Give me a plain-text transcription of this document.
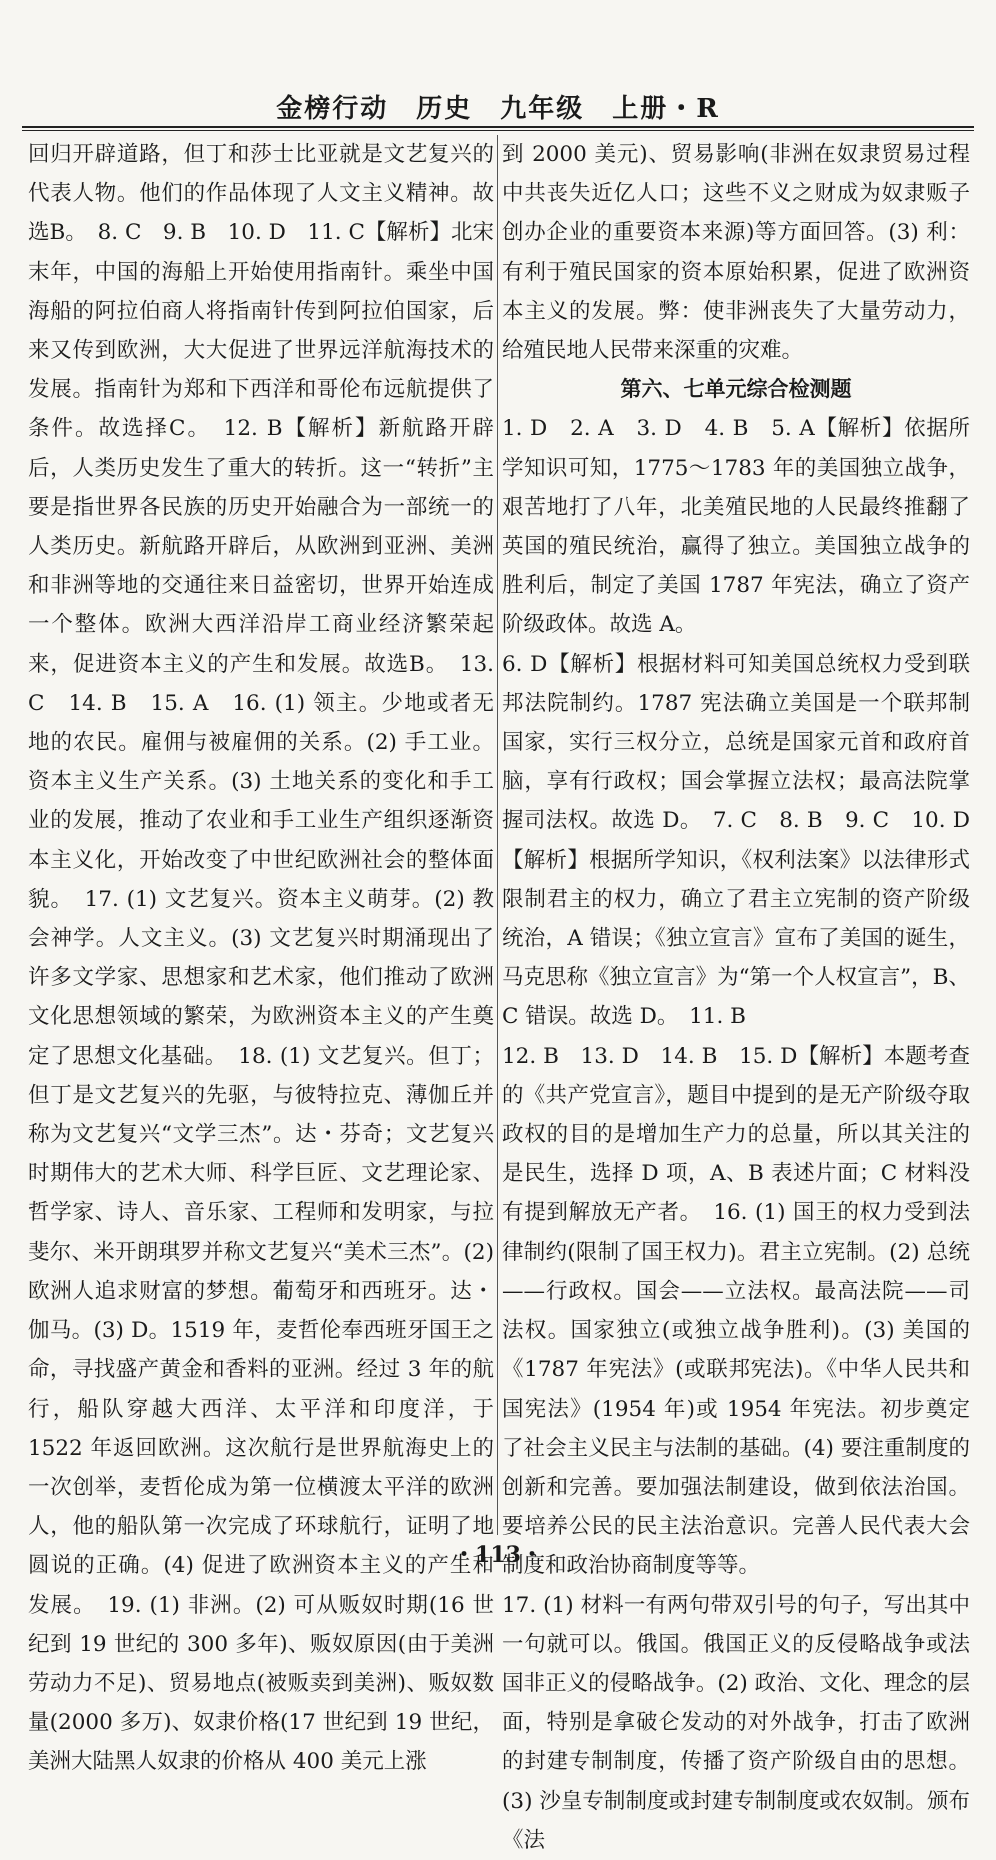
金榜行动　历史　九年级　上册・R

回归开辟道路，但丁和莎士比亚就是文艺复兴的代表人物。他们的作品体现了人文主义精神。故选B。　8. C　9. B　10. D　11. C【解析】北宋末年，中国的海船上开始使用指南针。乘坐中国海船的阿拉伯商人将指南针传到阿拉伯国家，后来又传到欧洲，大大促进了世界远洋航海技术的发展。指南针为郑和下西洋和哥伦布远航提供了条件。故选择C。　12. B【解析】新航路开辟后，人类历史发生了重大的转折。这一“转折”主要是指世界各民族的历史开始融合为一部统一的人类历史。新航路开辟后，从欧洲到亚洲、美洲和非洲等地的交通往来日益密切，世界开始连成一个整体。欧洲大西洋沿岸工商业经济繁荣起来，促进资本主义的产生和发展。故选B。　13. C　14. B　15. A　16. (1) 领主。少地或者无地的农民。雇佣与被雇佣的关系。(2) 手工业。资本主义生产关系。(3) 土地关系的变化和手工业的发展，推动了农业和手工业生产组织逐渐资本主义化，开始改变了中世纪欧洲社会的整体面貌。　17. (1) 文艺复兴。资本主义萌芽。(2) 教会神学。人文主义。(3) 文艺复兴时期涌现出了许多文学家、思想家和艺术家，他们推动了欧洲文化思想领域的繁荣，为欧洲资本主义的产生奠定了思想文化基础。　18. (1) 文艺复兴。但丁；但丁是文艺复兴的先驱，与彼特拉克、薄伽丘并称为文艺复兴“文学三杰”。达・芬奇；文艺复兴时期伟大的艺术大师、科学巨匠、文艺理论家、哲学家、诗人、音乐家、工程师和发明家，与拉斐尔、米开朗琪罗并称文艺复兴“美术三杰”。(2) 欧洲人追求财富的梦想。葡萄牙和西班牙。达・伽马。(3) D。1519 年，麦哲伦奉西班牙国王之命，寻找盛产黄金和香料的亚洲。经过 3 年的航行，船队穿越大西洋、太平洋和印度洋，于 1522 年返回欧洲。这次航行是世界航海史上的一次创举，麦哲伦成为第一位横渡太平洋的欧洲人，他的船队第一次完成了环球航行，证明了地圆说的正确。(4) 促进了欧洲资本主义的产生和发展。　19. (1) 非洲。(2) 可从贩奴时期(16 世纪到 19 世纪的 300 多年)、贩奴原因(由于美洲劳动力不足)、贸易地点(被贩卖到美洲)、贩奴数量(2000 多万)、奴隶价格(17 世纪到 19 世纪，美洲大陆黑人奴隶的价格从 400 美元上涨

到 2000 美元)、贸易影响(非洲在奴隶贸易过程中共丧失近亿人口；这些不义之财成为奴隶贩子创办企业的重要资本来源)等方面回答。(3) 利：有利于殖民国家的资本原始积累，促进了欧洲资本主义的发展。弊：使非洲丧失了大量劳动力，给殖民地人民带来深重的灾难。

第六、七单元综合检测题

1. D　2. A　3. D　4. B　5. A【解析】依据所学知识可知，1775～1783 年的美国独立战争，艰苦地打了八年，北美殖民地的人民最终推翻了英国的殖民统治，赢得了独立。美国独立战争的胜利后，制定了美国 1787 年宪法，确立了资产阶级政体。故选 A。

6. D【解析】根据材料可知美国总统权力受到联邦法院制约。1787 宪法确立美国是一个联邦制国家，实行三权分立，总统是国家元首和政府首脑，享有行政权；国会掌握立法权；最高法院掌握司法权。故选 D。　7. C　8. B　9. C　10. D【解析】根据所学知识，《权利法案》以法律形式限制君主的权力，确立了君主立宪制的资产阶级统治，A 错误；《独立宣言》宣布了美国的诞生，马克思称《独立宣言》为“第一个人权宣言”，B、C 错误。故选 D。　11. B

12. B　13. D　14. B　15. D【解析】本题考查的《共产党宣言》，题目中提到的是无产阶级夺取政权的目的是增加生产力的总量，所以其关注的是民生，选择 D 项，A、B 表述片面；C 材料没有提到解放无产者。　16. (1) 国王的权力受到法律制约(限制了国王权力)。君主立宪制。(2) 总统——行政权。国会——立法权。最高法院——司法权。国家独立(或独立战争胜利)。(3) 美国的《1787 年宪法》(或联邦宪法)。《中华人民共和国宪法》(1954 年)或 1954 年宪法。初步奠定了社会主义民主与法制的基础。(4) 要注重制度的创新和完善。要加强法制建设，做到依法治国。要培养公民的民主法治意识。完善人民代表大会制度和政治协商制度等等。

17. (1) 材料一有两句带双引号的句子，写出其中一句就可以。俄国。俄国正义的反侵略战争或法国非正义的侵略战争。(2) 政治、文化、理念的层面，特别是拿破仑发动的对外战争，打击了欧洲的封建专制制度，传播了资产阶级自由的思想。(3) 沙皇专制制度或封建专制制度或农奴制。颁布《法

・113・
